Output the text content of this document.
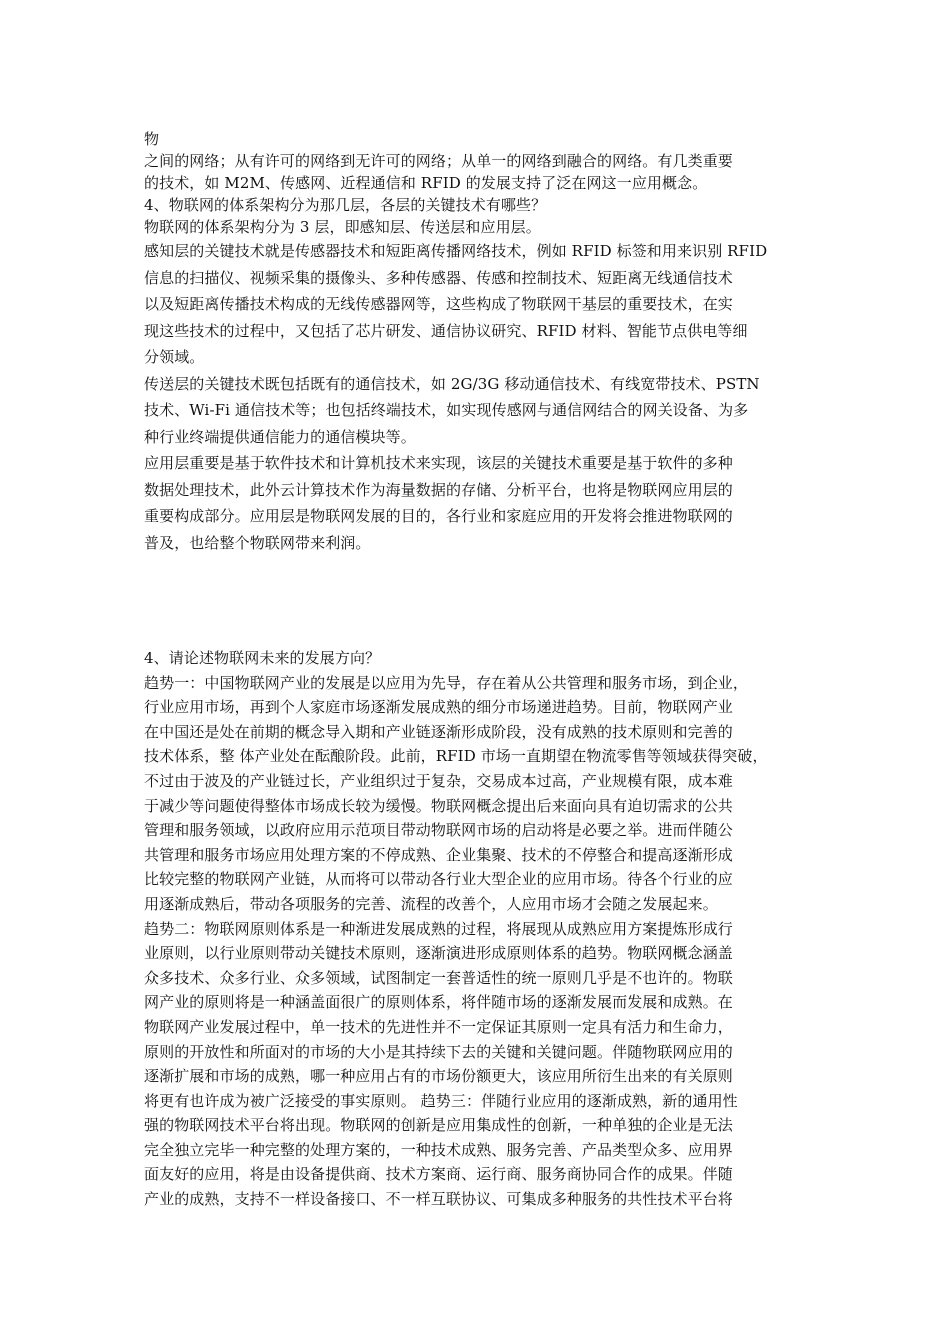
物
之间的网络；从有许可的网络到无许可的网络；从单一的网络到融合的网络。有几类重要
的技术，如 M2M、传感网、近程通信和 RFID 的发展支持了泛在网这一应用概念。
4、物联网的体系架构分为那几层，各层的关键技术有哪些？
物联网的体系架构分为 3 层，即感知层、传送层和应用层。
感知层的关键技术就是传感器技术和短距离传播网络技术，例如 RFID 标签和用来识别 RFID
信息的扫描仪、视频采集的摄像头、多种传感器、传感和控制技术、短距离无线通信技术
以及短距离传播技术构成的无线传感器网等，这些构成了物联网干基层的重要技术，在实
现这些技术的过程中，又包括了芯片研发、通信协议研究、RFID 材料、智能节点供电等细
分领域。
传送层的关键技术既包括既有的通信技术，如 2G/3G 移动通信技术、有线宽带技术、PSTN
技术、Wi-Fi 通信技术等；也包括终端技术，如实现传感网与通信网结合的网关设备、为多
种行业终端提供通信能力的通信模块等。
应用层重要是基于软件技术和计算机技术来实现，该层的关键技术重要是基于软件的多种
数据处理技术，此外云计算技术作为海量数据的存储、分析平台，也将是物联网应用层的
重要构成部分。应用层是物联网发展的目的，各行业和家庭应用的开发将会推进物联网的
普及，也给整个物联网带来利润。
4、请论述物联网未来的发展方向？
趋势一：中国物联网产业的发展是以应用为先导，存在着从公共管理和服务市场，到企业，
行业应用市场，再到个人家庭市场逐渐发展成熟的细分市场递进趋势。目前，物联网产业
在中国还是处在前期的概念导入期和产业链逐渐形成阶段，没有成熟的技术原则和完善的
技术体系，整 体产业处在酝酿阶段。此前，RFID 市场一直期望在物流零售等领域获得突破，
不过由于波及的产业链过长，产业组织过于复杂，交易成本过高，产业规模有限，成本难
于减少等问题使得整体市场成长较为缓慢。物联网概念提出后来面向具有迫切需求的公共
管理和服务领域，以政府应用示范项目带动物联网市场的启动将是必要之举。进而伴随公
共管理和服务市场应用处理方案的不停成熟、企业集聚、技术的不停整合和提高逐渐形成
比较完整的物联网产业链，从而将可以带动各行业大型企业的应用市场。待各个行业的应
用逐渐成熟后，带动各项服务的完善、流程的改善个，人应用市场才会随之发展起来。
趋势二：物联网原则体系是一种渐进发展成熟的过程，将展现从成熟应用方案提炼形成行
业原则，以行业原则带动关键技术原则，逐渐演进形成原则体系的趋势。物联网概念涵盖
众多技术、众多行业、众多领域，试图制定一套普适性的统一原则几乎是不也许的。物联
网产业的原则将是一种涵盖面很广的原则体系，将伴随市场的逐渐发展而发展和成熟。在
物联网产业发展过程中，单一技术的先进性并不一定保证其原则一定具有活力和生命力，
原则的开放性和所面对的市场的大小是其持续下去的关键和关键问题。伴随物联网应用的
逐渐扩展和市场的成熟，哪一种应用占有的市场份额更大，该应用所衍生出来的有关原则
将更有也许成为被广泛接受的事实原则。 趋势三：伴随行业应用的逐渐成熟，新的通用性
强的物联网技术平台将出现。物联网的创新是应用集成性的创新，一种单独的企业是无法
完全独立完毕一种完整的处理方案的，一种技术成熟、服务完善、产品类型众多、应用界
面友好的应用，将是由设备提供商、技术方案商、运行商、服务商协同合作的成果。伴随
产业的成熟，支持不一样设备接口、不一样互联协议、可集成多种服务的共性技术平台将
